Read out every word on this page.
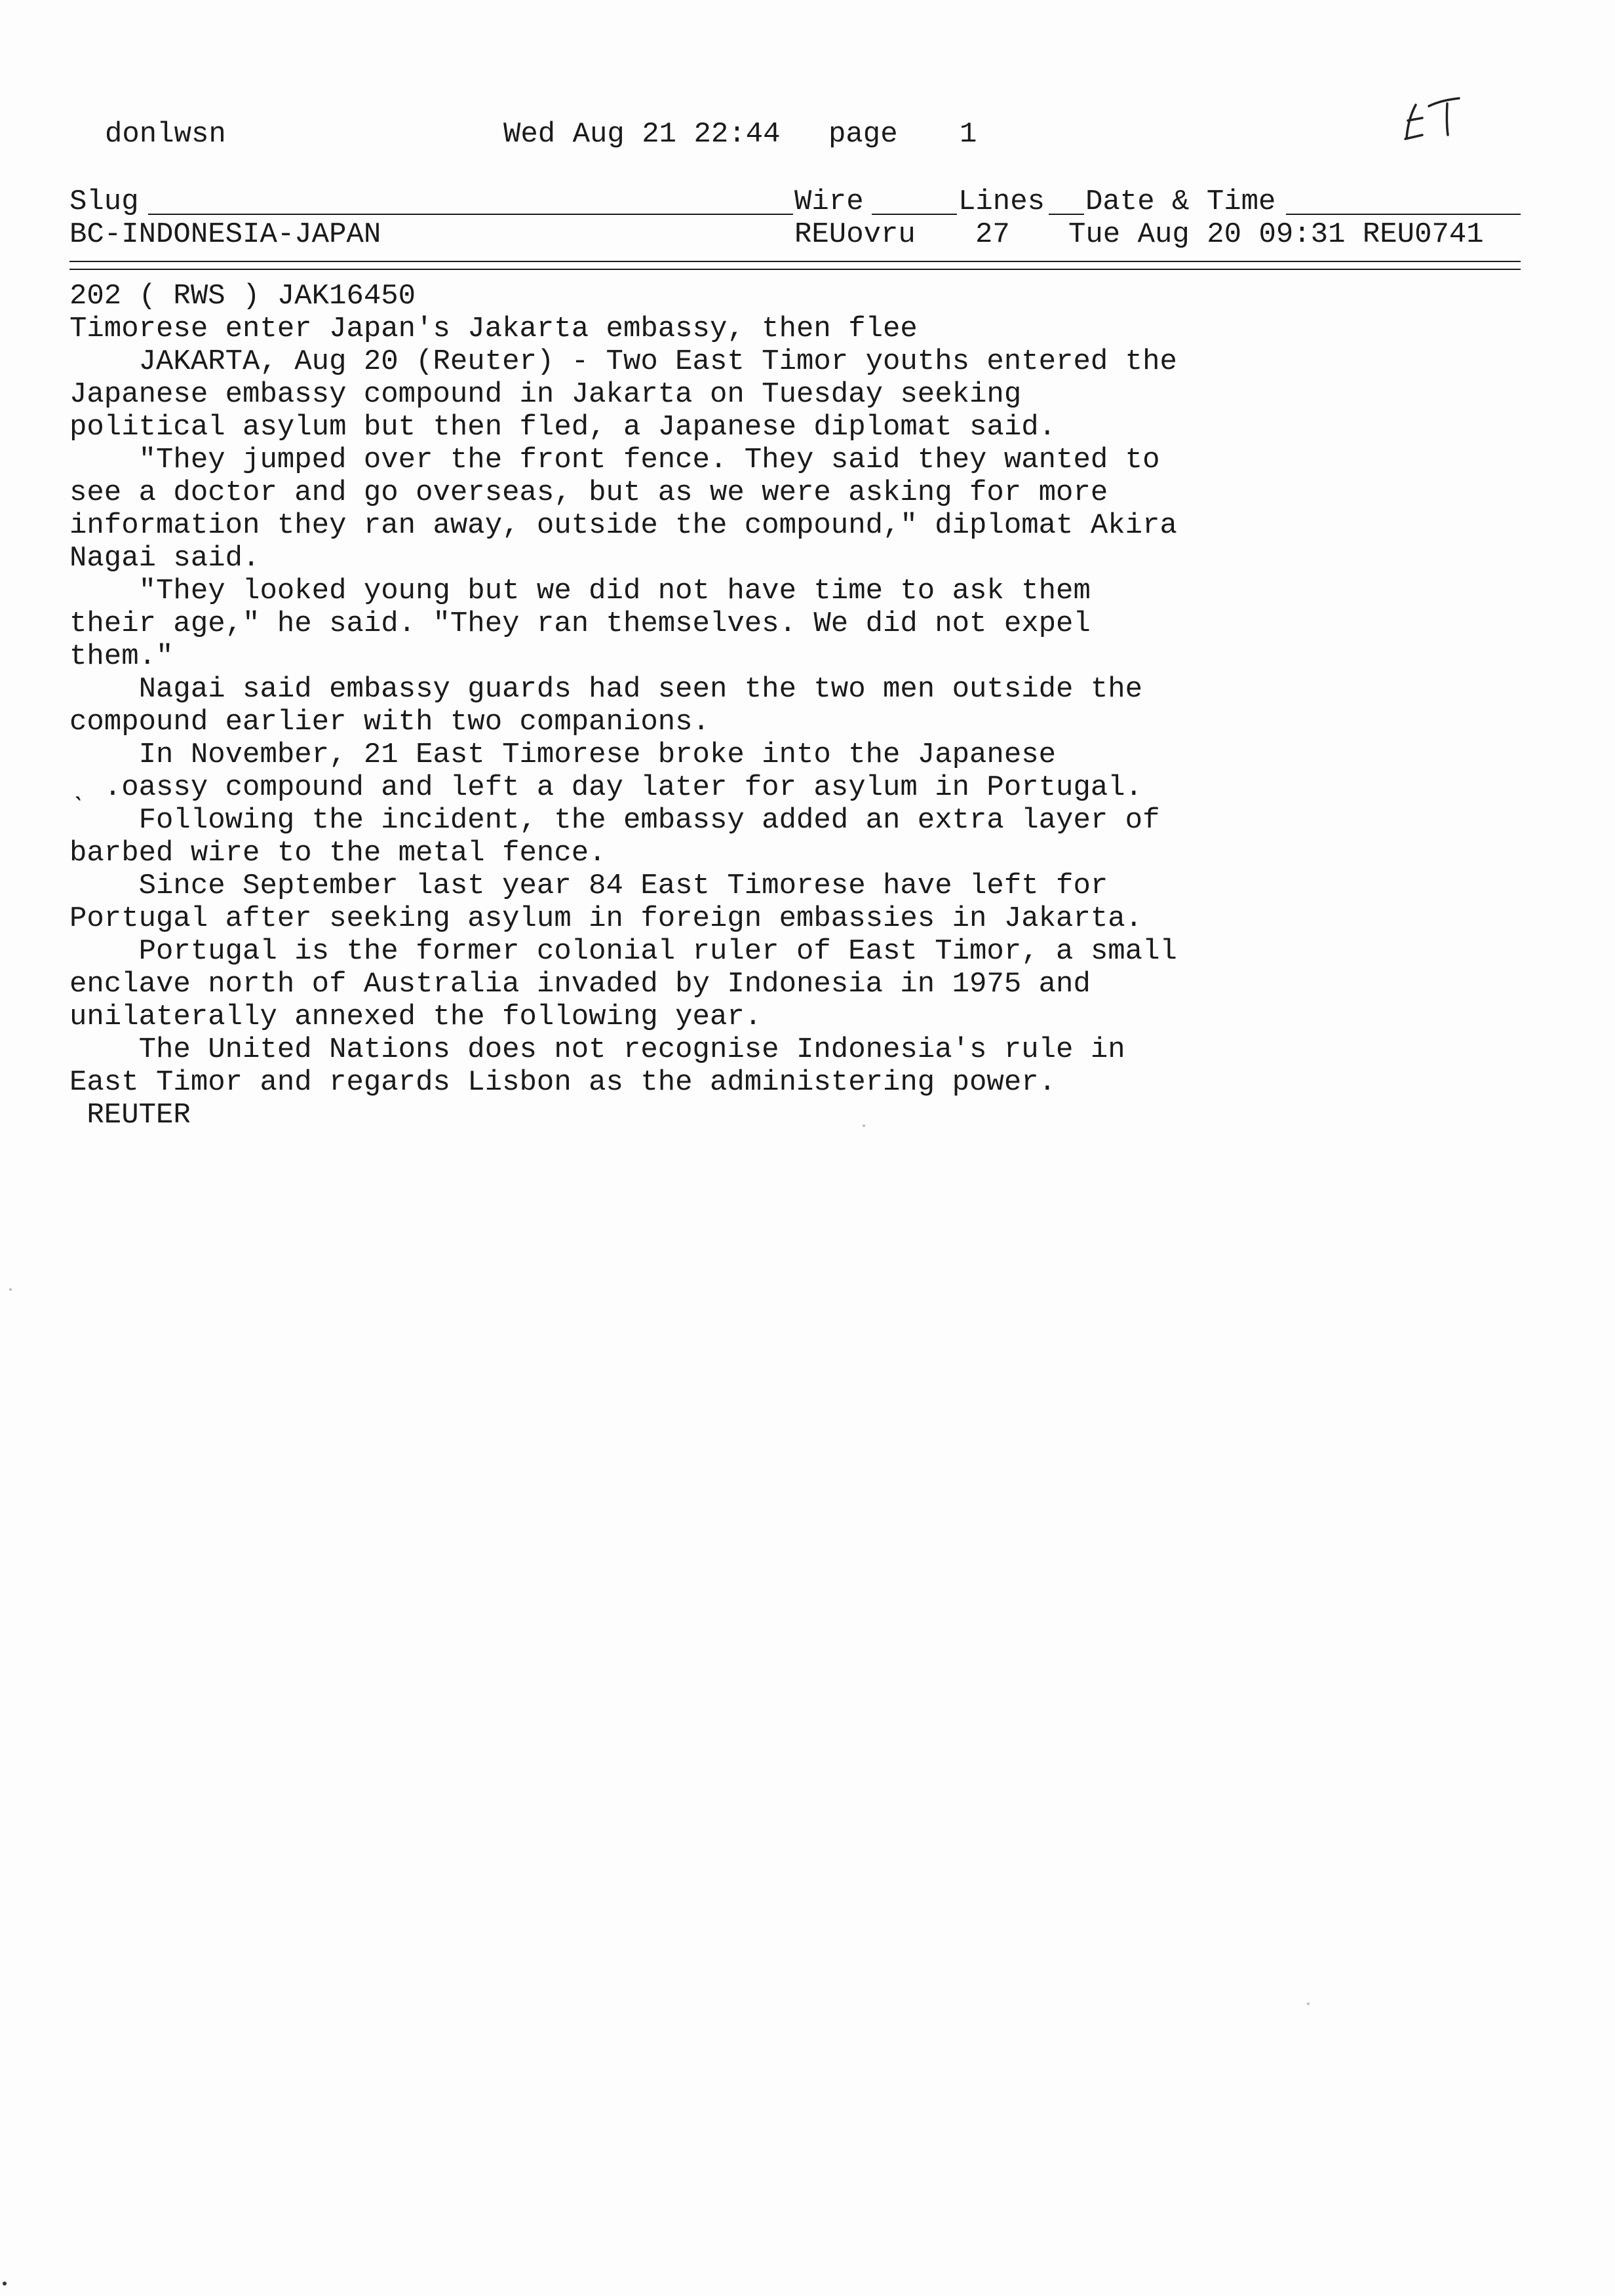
donlwsn	Wed Aug 21 22:44 page 1
Slug	Wire	Lines Date & Time
BC-INDONESIA-JAPAN	REUovru 27 Tue Aug 20 09:31 REU0741
202 ( RWS ) JAK16450
Timorese enter Japan's Jakarta embassy, then flee
JAKARTA, Aug 20 (Reuter) - Two East Timor youths entered the
Japanese embassy compound in Jakarta on Tuesday seeking
political asylum but then fled, a Japanese diplomat said.
"They jumped over the front fence. They said they wanted to
see a doctor and go overseas, but as we were asking for more
information they ran away, outside the compound," diplomat Akira
Nagai said.
"They looked young but we did not have time to ask them
their age," he said. "They ran themselves. We did not expel
them."
Nagai said embassy guards had seen the two men outside the
compound earlier with two companions.
In November, 21 East Timorese broke into the Japanese
ˎ .oassy compound and left a day later for asylum in Portugal.
Following the incident, the embassy added an extra layer of
barbed wire to the metal fence.
Since September last year 84 East Timorese have left for
Portugal after seeking asylum in foreign embassies in Jakarta.
Portugal is the former colonial ruler of East Timor, a small
enclave north of Australia invaded by Indonesia in 1975 and
unilaterally annexed the following year.
The United Nations does not recognise Indonesia's rule in
East Timor and regards Lisbon as the administering power.
REUTER
